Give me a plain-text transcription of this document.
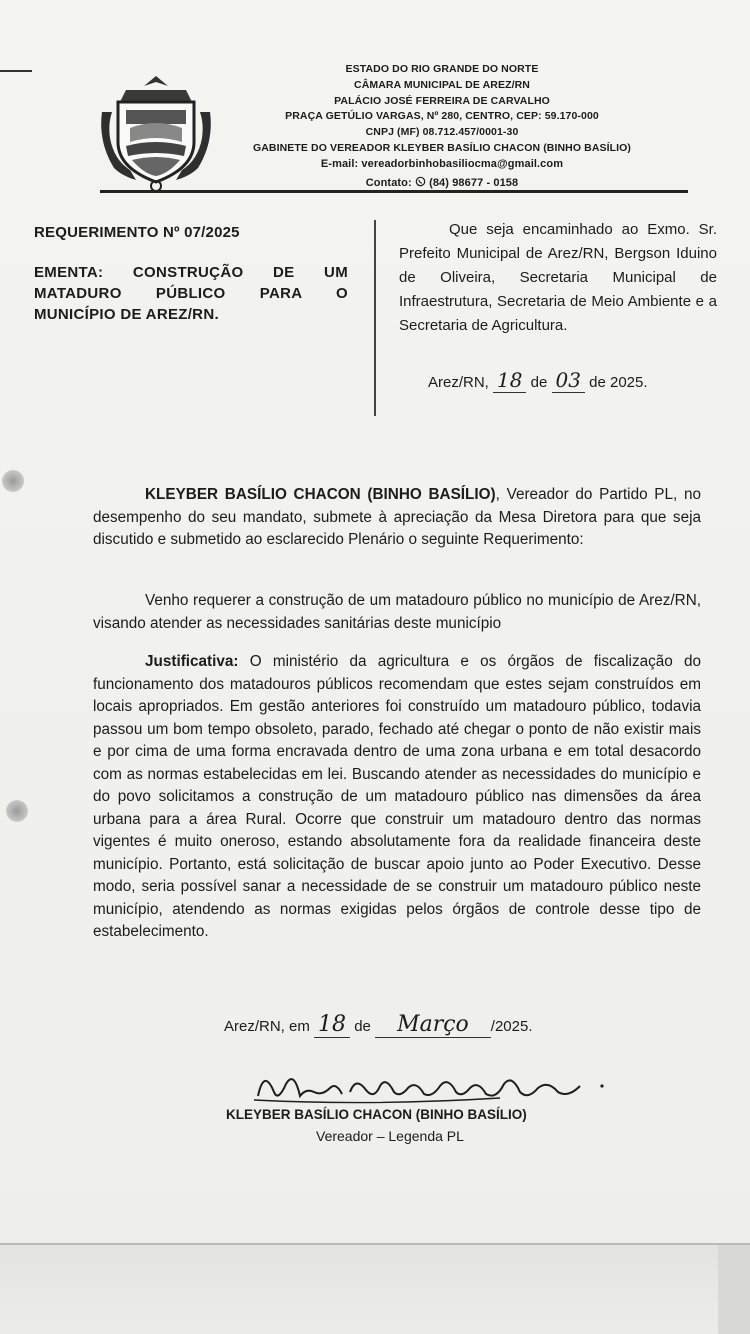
ESTADO DO RIO GRANDE DO NORTE
CÂMARA MUNICIPAL DE AREZ/RN
PALÁCIO JOSÉ FERREIRA DE CARVALHO
PRAÇA GETÚLIO VARGAS, Nº 280, CENTRO, CEP: 59.170-000
CNPJ (MF) 08.712.457/0001-30
GABINETE DO VEREADOR KLEYBER BASÍLIO CHACON (BINHO BASÍLIO)
E-mail: vereadorbinhobasiliocma@gmail.com
Contato: (84) 98677 - 0158
REQUERIMENTO Nº 07/2025
EMENTA: CONSTRUÇÃO DE UM
MATADURO PÚBLICO PARA O
MUNICÍPIO DE AREZ/RN.
Que seja encaminhado ao Exmo. Sr. Prefeito Municipal de Arez/RN, Bergson Iduino de Oliveira, Secretaria Municipal de Infraestrutura, Secretaria de Meio Ambiente e a Secretaria de Agricultura.
Arez/RN, 18 de 03 de 2025.
KLEYBER BASÍLIO CHACON (BINHO BASÍLIO), Vereador do Partido PL, no desempenho do seu mandato, submete à apreciação da Mesa Diretora para que seja discutido e submetido ao esclarecido Plenário o seguinte Requerimento:
Venho requerer a construção de um matadouro público no município de Arez/RN, visando atender as necessidades sanitárias deste município
Justificativa: O ministério da agricultura e os órgãos de fiscalização do funcionamento dos matadouros públicos recomendam que estes sejam construídos em locais apropriados. Em gestão anteriores foi construído um matadouro público, todavia passou um bom tempo obsoleto, parado, fechado até chegar o ponto de não existir mais e por cima de uma forma encravada dentro de uma zona urbana e em total desacordo com as normas estabelecidas em lei. Buscando atender as necessidades do município e do povo solicitamos a construção de um matadouro público nas dimensões da área urbana para a área Rural. Ocorre que construir um matadouro dentro das normas vigentes é muito oneroso, estando absolutamente fora da realidade financeira deste município. Portanto, está solicitação de buscar apoio junto ao Poder Executivo. Desse modo, seria possível sanar a necessidade de se construir um matadouro público neste município, atendendo as normas exigidas pelos órgãos de controle desse tipo de estabelecimento.
Arez/RN, em 18 de Março /2025.
KLEYBER BASÍLIO CHACON (BINHO BASÍLIO)
Vereador – Legenda PL
